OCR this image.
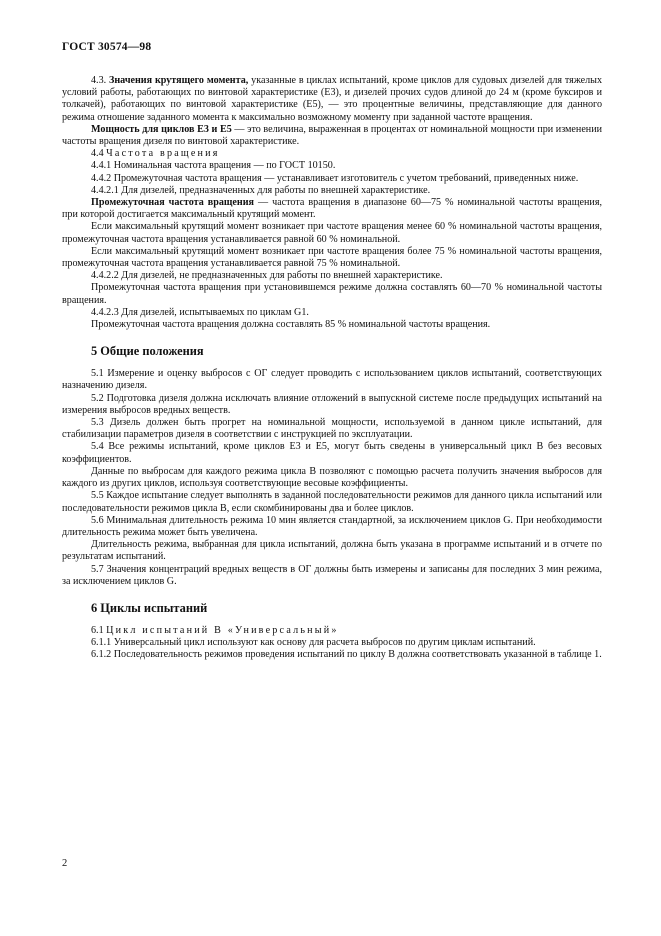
ГОСТ 30574—98

4.3. Значения крутящего момента, указанные в циклах испытаний, кроме циклов для судовых дизелей для тяжелых условий работы, работающих по винтовой характеристике (Е3), и дизелей прочих судов длиной до 24 м (кроме буксиров и толкачей), работающих по винтовой характеристике (Е5), — это процентные величины, представляющие для данного режима отношение заданного момента к максимально возможному моменту при заданной частоте вращения.

Мощность для циклов Е3 и Е5 — это величина, выраженная в процентах от номинальной мощности при изменении частоты вращения дизеля по винтовой характеристике.

4.4 Частота вращения

4.4.1 Номинальная частота вращения — по ГОСТ 10150.

4.4.2 Промежуточная частота вращения — устанавливает изготовитель с учетом требований, приведенных ниже.

4.4.2.1 Для дизелей, предназначенных для работы по внешней характеристике.

Промежуточная частота вращения — частота вращения в диапазоне 60—75 % номинальной частоты вращения, при которой достигается максимальный крутящий момент.

Если максимальный крутящий момент возникает при частоте вращения менее 60 % номинальной частоты вращения, промежуточная частота вращения устанавливается равной 60 % номинальной.

Если максимальный крутящий момент возникает при частоте вращения более 75 % номинальной частоты вращения, промежуточная частота вращения устанавливается равной 75 % номинальной.

4.4.2.2 Для дизелей, не предназначенных для работы по внешней характеристике.

Промежуточная частота вращения при установившемся режиме должна составлять 60—70 % номинальной частоты вращения.

4.4.2.3 Для дизелей, испытываемых по циклам G1.

Промежуточная частота вращения должна составлять 85 % номинальной частоты вращения.

5 Общие положения

5.1 Измерение и оценку выбросов с ОГ следует проводить с использованием циклов испытаний, соответствующих назначению дизеля.

5.2 Подготовка дизеля должна исключать влияние отложений в выпускной системе после предыдущих испытаний на измерения выбросов вредных веществ.

5.3 Дизель должен быть прогрет на номинальной мощности, используемой в данном цикле испытаний, для стабилизации параметров дизеля в соответствии с инструкцией по эксплуатации.

5.4 Все режимы испытаний, кроме циклов Е3 и Е5, могут быть сведены в универсальный цикл В без весовых коэффициентов.

Данные по выбросам для каждого режима цикла В позволяют с помощью расчета получить значения выбросов для каждого из других циклов, используя соответствующие весовые коэффициенты.

5.5 Каждое испытание следует выполнять в заданной последовательности режимов для данного цикла испытаний или последовательности режимов цикла В, если скомбинированы два и более циклов.

5.6 Минимальная длительность режима 10 мин является стандартной, за исключением циклов G. При необходимости длительность режима может быть увеличена.

Длительность режима, выбранная для цикла испытаний, должна быть указана в программе испытаний и в отчете по результатам испытаний.

5.7 Значения концентраций вредных веществ в ОГ должны быть измерены и записаны для последних 3 мин режима, за исключением циклов G.

6 Циклы испытаний

6.1 Цикл испытаний В «Универсальный»

6.1.1 Универсальный цикл используют как основу для расчета выбросов по другим циклам испытаний.

6.1.2 Последовательность режимов проведения испытаний по циклу В должна соответствовать указанной в таблице 1.

2
